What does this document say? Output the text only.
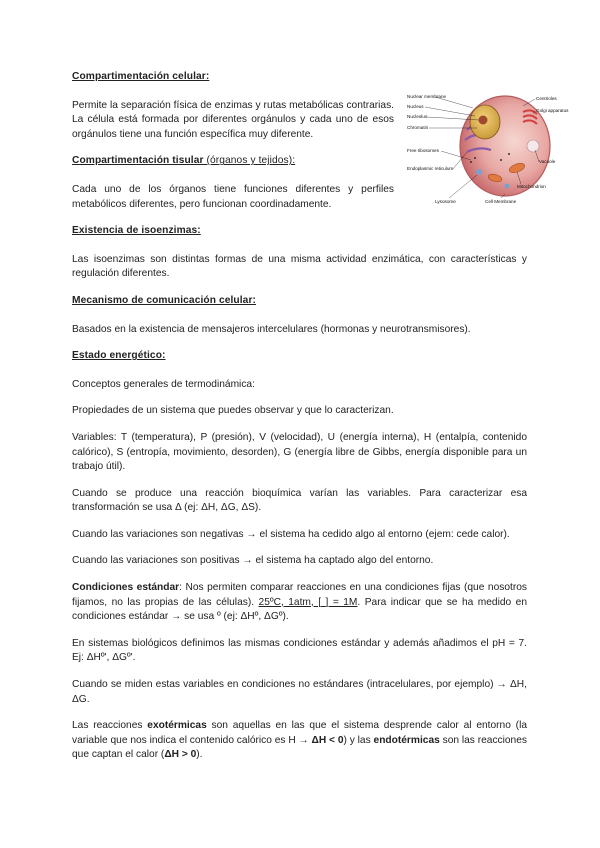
Nuclear membrane
Nucleus
Nucleolus
Chromatin
Free ribosomes
Endoplasmic reticulum
Centrioles
Golgi apparatus
Vacuole
Mitochondrion
Lysosome	Cell Membrane
Compartimentación celular:

Permite la separación física de enzimas y rutas metabólicas contrarias. La célula está formada por diferentes orgánulos y cada uno de esos orgánulos tiene una función específica muy diferente.

Compartimentación tisular (órganos y tejidos):

Cada uno de los órganos tiene funciones diferentes y perfiles metabólicos diferentes, pero funcionan coordinadamente.

Existencia de isoenzimas:

Las isoenzimas son distintas formas de una misma actividad enzimática, con características y regulación diferentes.

Mecanismo de comunicación celular:

Basados en la existencia de mensajeros intercelulares (hormonas y neurotransmisores).

Estado energético:

Conceptos generales de termodinámica:

Propiedades de un sistema que puedes observar y que lo caracterizan.

Variables: T (temperatura), P (presión), V (velocidad), U (energía interna), H (entalpía, contenido calórico), S (entropía, movimiento, desorden), G (energía libre de Gibbs, energía disponible para un trabajo útil).

Cuando se produce una reacción bioquímica varían las variables. Para caracterizar esa transformación se usa Δ (ej: ΔH, ΔG, ΔS).

Cuando las variaciones son negativas → el sistema ha cedido algo al entorno (ejem: cede calor).

Cuando las variaciones son positivas → el sistema ha captado algo del entorno.

Condiciones estándar: Nos permiten comparar reacciones en una condiciones fijas (que nosotros fijamos, no las propias de las células). 25ºC, 1atm, [ ] = 1M. Para indicar que se ha medido en condiciones estándar → se usa º (ej: ΔHº, ΔGº).

En sistemas biológicos definimos las mismas condiciones estándar y además añadimos el pH = 7. Ej: ΔHº', ΔGº'.

Cuando se miden estas variables en condiciones no estándares (intracelulares, por ejemplo) → ΔH, ΔG.

Las reacciones exotérmicas son aquellas en las que el sistema desprende calor al entorno (la variable que nos indica el contenido calórico es H → ΔH < 0) y las endotérmicas son las reacciones que captan el calor (ΔH > 0).
